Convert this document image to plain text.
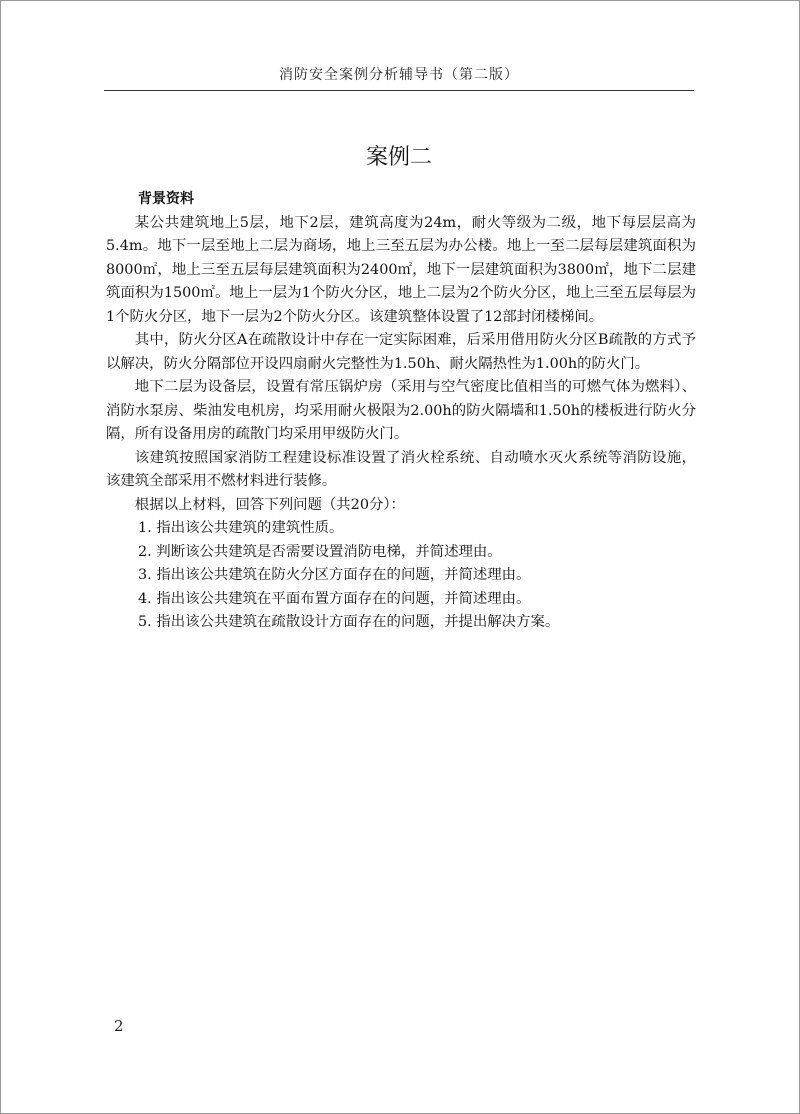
消防安全案例分析辅导书（第二版）
案例二
背景资料

某公共建筑地上5层，地下2层，建筑高度为24m，耐火等级为二级，地下每层层高为5.4m。地下一层至地上二层为商场，地上三至五层为办公楼。地上一至二层每层建筑面积为8000㎡，地上三至五层每层建筑面积为2400㎡，地下一层建筑面积为3800㎡，地下二层建筑面积为1500㎡。地上一层为1个防火分区，地上二层为2个防火分区，地上三至五层每层为1个防火分区，地下一层为2个防火分区。该建筑整体设置了12部封闭楼梯间。

其中，防火分区A在疏散设计中存在一定实际困难，后采用借用防火分区B疏散的方式予以解决，防火分隔部位开设四扇耐火完整性为1.50h、耐火隔热性为1.00h的防火门。

地下二层为设备层，设置有常压锅炉房（采用与空气密度比值相当的可燃气体为燃料）、消防水泵房、柴油发电机房，均采用耐火极限为2.00h的防火隔墙和1.50h的楼板进行防火分隔，所有设备用房的疏散门均采用甲级防火门。

该建筑按照国家消防工程建设标准设置了消火栓系统、自动喷水灭火系统等消防设施，该建筑全部采用不燃材料进行装修。

根据以上材料，回答下列问题（共20分）：

1. 指出该公共建筑的建筑性质。

2. 判断该公共建筑是否需要设置消防电梯，并简述理由。

3. 指出该公共建筑在防火分区方面存在的问题，并简述理由。

4. 指出该公共建筑在平面布置方面存在的问题，并简述理由。

5. 指出该公共建筑在疏散设计方面存在的问题，并提出解决方案。

2
